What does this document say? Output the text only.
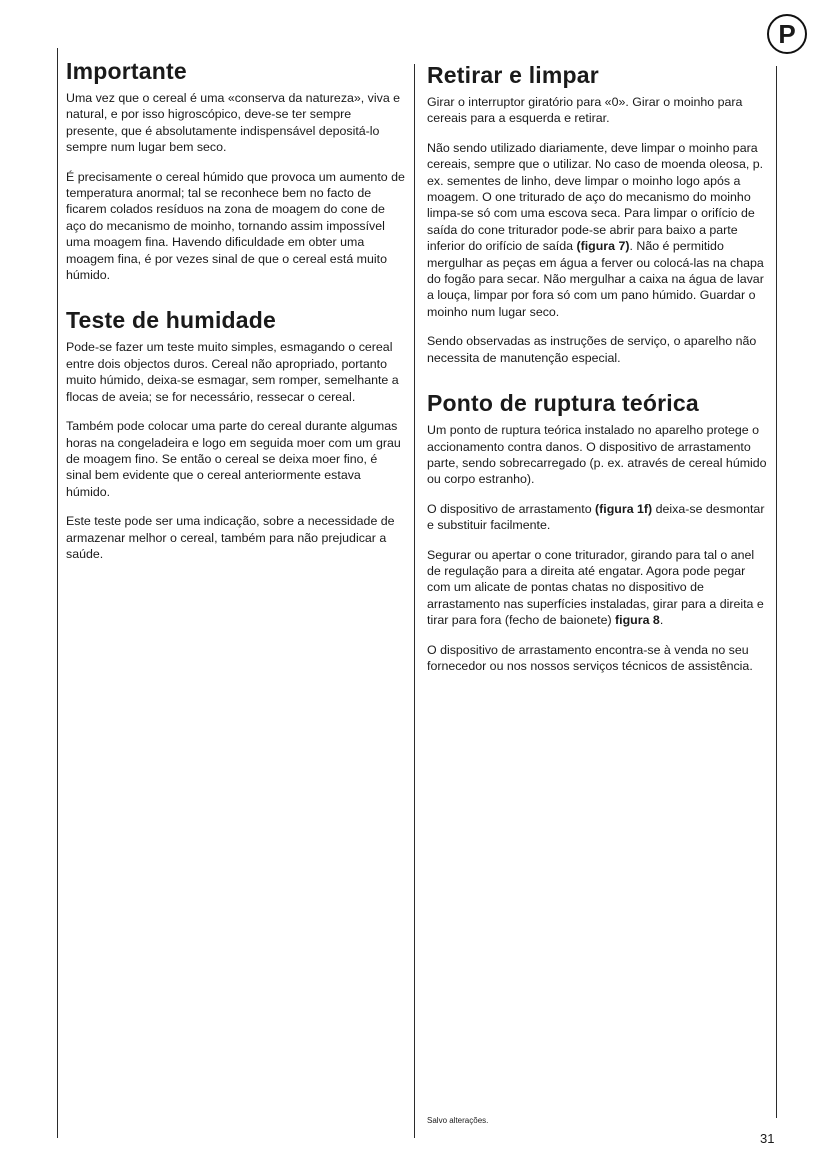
P
Importante

Uma vez que o cereal é uma «conserva da natureza», viva e natural, e por isso higroscópico, deve-se ter sempre presente, que é absolutamente indispensável depositá-lo sempre num lugar bem seco.

É precisamente o cereal húmido que provoca um aumento de temperatura anormal; tal se reconhece bem no facto de ficarem colados resíduos na zona de moagem do cone de aço do mecanismo de moinho, tornando assim impossível uma moagem fina. Havendo dificuldade em obter uma moagem fina, é por vezes sinal de que o cereal está muito húmido.

Teste de humidade

Pode-se fazer um teste muito simples, esmagando o cereal entre dois objectos duros. Cereal não apropriado, portanto muito húmido, deixa-se esmagar, sem romper, semelhante a flocas de aveia; se for necessário, ressecar o cereal.

Também pode colocar uma parte do cereal durante algumas horas na congeladeira e logo em seguida moer com um grau de moagem fino. Se então o cereal se deixa moer fino, é sinal bem evidente que o cereal anteriormente estava húmido.

Este teste pode ser uma indicação, sobre a necessidade de armazenar melhor o cereal, também para não prejudicar a saúde.

Retirar e limpar

Girar o interruptor giratório para «0». Girar o moinho para cereais para a esquerda e retirar.

Não sendo utilizado diariamente, deve limpar o moinho para cereais, sempre que o utilizar. No caso de moenda oleosa, p. ex. sementes de linho, deve limpar o moinho logo após a moagem. O one triturado de aço do mecanismo do moinho limpa-se só com uma escova seca. Para limpar o orifício de saída do cone triturador pode-se abrir para baixo a parte inferior do orifício de saída (figura 7). Não é permitido mergulhar as peças em água a ferver ou colocá-las na chapa do fogão para secar. Não mergulhar a caixa na água de lavar a louça, limpar por fora só com um pano húmido. Guardar o moinho num lugar seco.

Sendo observadas as instruções de serviço, o aparelho não necessita de manutenção especial.

Ponto de ruptura teórica

Um ponto de ruptura teórica instalado no aparelho protege o accionamento contra danos. O dispositivo de arrastamento parte, sendo sobrecarregado (p. ex. através de cereal húmido ou corpo estranho).

O dispositivo de arrastamento (figura 1f) deixa-se desmontar e substituir facilmente.

Segurar ou apertar o cone triturador, girando para tal o anel de regulação para a direita até engatar. Agora pode pegar com um alicate de pontas chatas no dispositivo de arrastamento nas superfícies instaladas, girar para a direita e tirar para fora (fecho de baionete) figura 8.

O dispositivo de arrastamento encontra-se à venda no seu fornecedor ou nos nossos serviços técnicos de assistência.

Salvo alterações.
31
